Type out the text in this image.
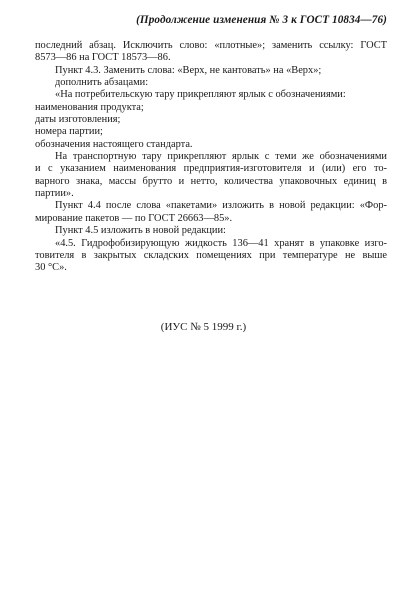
(Продолжение изменения № 3 к ГОСТ 10834—76)
последний абзац. Исключить слово: «плотные»; заменить ссылку: ГОСТ
8573—86 на ГОСТ 18573—86.
Пункт 4.3. Заменить слова: «Верх, не кантовать» на «Верх»;
дополнить абзацами:
«На потребительскую тару прикрепляют ярлык с обозначениями:
наименования продукта;
даты изготовления;
номера партии;
обозначения настоящего стандарта.
На транспортную тару прикрепляют ярлык с теми же обозначениями
и с указанием наименования предприятия-изготовителя и (или) его то-
варного знака, массы брутто и нетто, количества упаковочных единиц в
партии».
Пункт 4.4 после слова «пакетами» изложить в новой редакции: «Фор-
мирование пакетов — по ГОСТ 26663—85».
Пункт 4.5 изложить в новой редакции:
«4.5. Гидрофобизирующую жидкость 136—41 хранят в упаковке изго-
товителя в закрытых складских помещениях при температуре не выше
30 °С».
(ИУС № 5 1999 г.)
